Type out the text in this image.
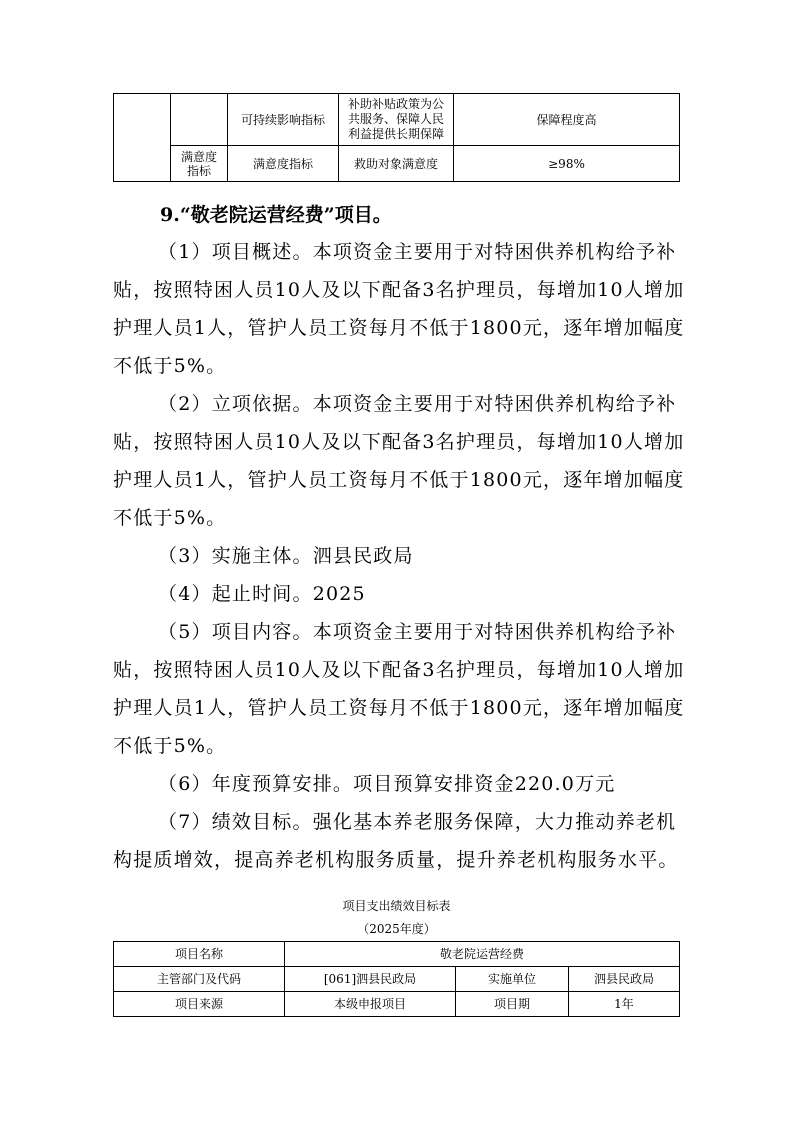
		可持续影响指标	补助补贴政策为公
共服务、保障人民
利益提供长期保障	保障程度高

	满意度
指标	满意度指标	救助对象满意度	≥98%
9.“敬老院运营经费”项目。

（1）项目概述。本项资金主要用于对特困供养机构给予补贴，按照特困人员10人及以下配备3名护理员，每增加10人增加护理人员1人，管护人员工资每月不低于1800元，逐年增加幅度不低于5%。

（2）立项依据。本项资金主要用于对特困供养机构给予补贴，按照特困人员10人及以下配备3名护理员，每增加10人增加护理人员1人，管护人员工资每月不低于1800元，逐年增加幅度不低于5%。

（3）实施主体。泗县民政局

（4）起止时间。2025

（5）项目内容。本项资金主要用于对特困供养机构给予补贴，按照特困人员10人及以下配备3名护理员，每增加10人增加护理人员1人，管护人员工资每月不低于1800元，逐年增加幅度不低于5%。

（6）年度预算安排。项目预算安排资金220.0万元

（7）绩效目标。强化基本养老服务保障，大力推动养老机构提质增效，提高养老机构服务质量，提升养老机构服务水平。

项目支出绩效目标表
（2025年度）
项目名称	敬老院运营经费		
主管部门及代码	[061]泗县民政局	实施单位	泗县民政局
项目来源	本级申报项目	项目期	1年
